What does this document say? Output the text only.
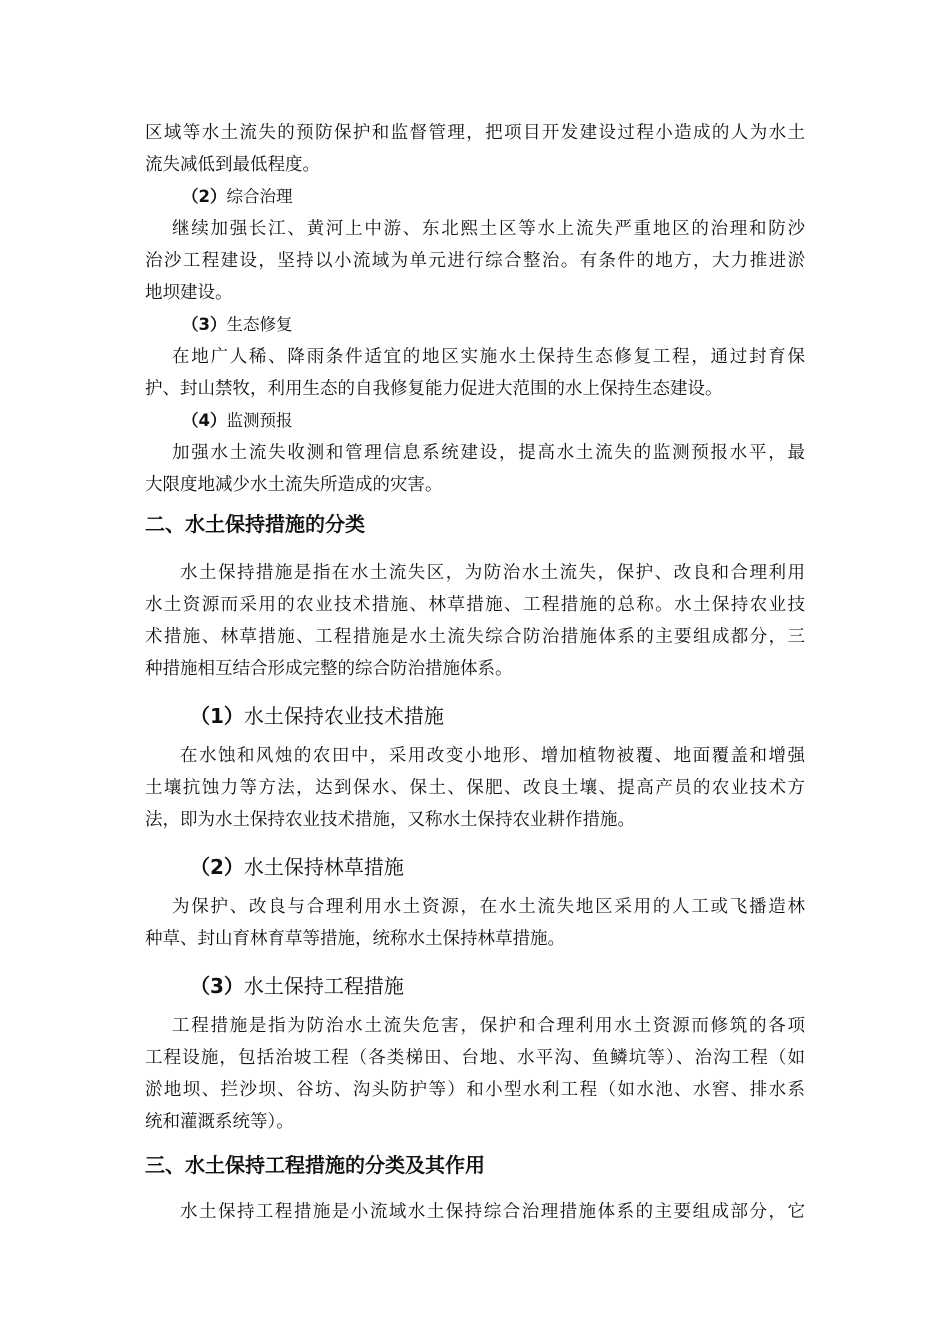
区域等水土流失的预防保护和监督管理，把项目开发建设过程小造成的人为水土
流失减低到最低程度。
（2）综合治理
继续加强长江、黄河上中游、东北熙土区等水上流失严重地区的治理和防沙
治沙工程建设，坚持以小流域为单元进行综合整治。有条件的地方，大力推进淤
地坝建设。
（3）生态修复
在地广人稀、降雨条件适宜的地区实施水土保持生态修复工程，通过封育保
护、封山禁牧，利用生态的自我修复能力促进大范围的水上保持生态建设。
（4）监测预报
加强水土流失收测和管理信息系统建设，提高水土流失的监测预报水平，最
大限度地减少水土流失所造成的灾害。
二、水土保持措施的分类
水土保持措施是指在水土流失区，为防治水土流失，保护、改良和合理利用
水土资源而采用的农业技术措施、林草措施、工程措施的总称。水土保持农业技
术措施、林草措施、工程措施是水土流失综合防治措施体系的主要组成都分，三
种措施相互结合形成完整的综合防治措施体系。
（1）水土保持农业技术措施
在水蚀和风烛的农田中，采用改变小地形、增加植物被覆、地面覆盖和增强
土壤抗蚀力等方法，达到保水、保土、保肥、改良土壤、提高产员的农业技术方
法，即为水土保持农业技术措施，又称水土保持农业耕作措施。
（2）水土保持林草措施
为保护、改良与合理利用水土资源，在水土流失地区采用的人工或飞播造林
种草、封山育林育草等措施，统称水土保持林草措施。
（3）水土保持工程措施
工程措施是指为防治水土流失危害，保护和合理利用水土资源而修筑的各项
工程设施，包括治坡工程（各类梯田、台地、水平沟、鱼鳞坑等）、治沟工程（如
淤地坝、拦沙坝、谷坊、沟头防护等）和小型水利工程（如水池、水窖、排水系
统和灌溉系统等）。
三、水土保持工程措施的分类及其作用
水土保持工程措施是小流域水土保持综合治理措施体系的主要组成部分，它
